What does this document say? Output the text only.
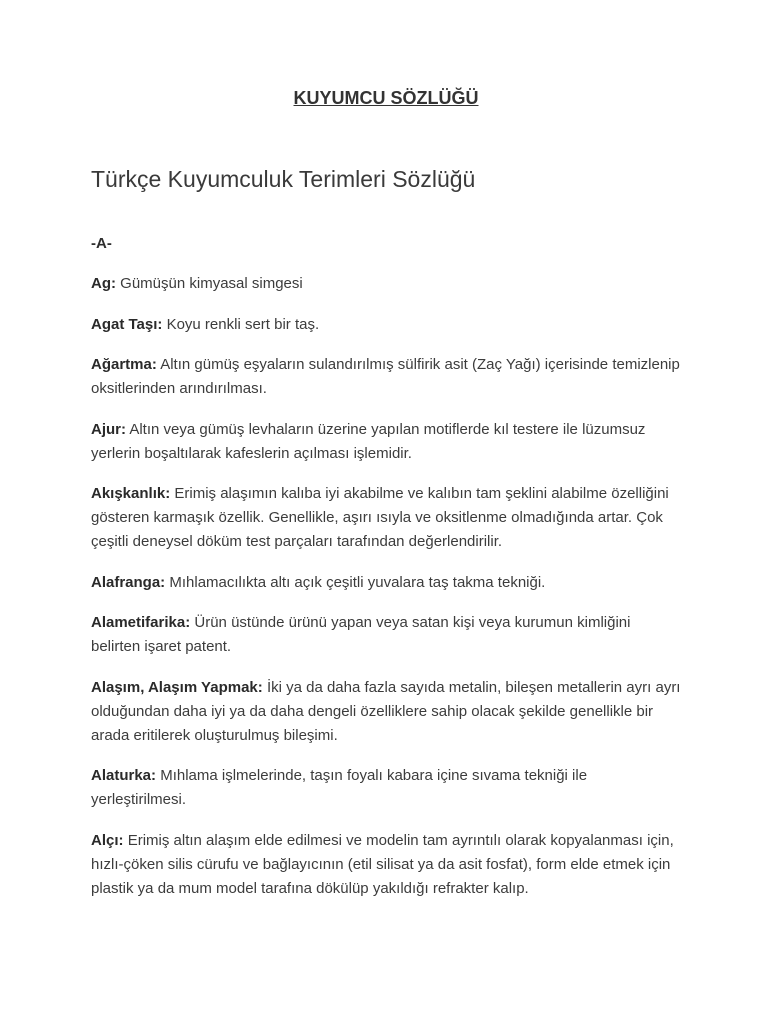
KUYUMCU SÖZLÜĞÜ
Türkçe Kuyumculuk Terimleri Sözlüğü

-A-

Ag: Gümüşün kimyasal simgesi
Agat Taşı: Koyu renkli sert bir taş.
Ağartma: Altın gümüş eşyaların sulandırılmış sülfirik asit (Zaç Yağı) içerisinde temizlenip oksitlerinden arındırılması.
Ajur: Altın veya gümüş levhaların üzerine yapılan motiflerde kıl testere ile lüzumsuz yerlerin boşaltılarak kafeslerin açılması işlemidir.
Akışkanlık: Erimiş alaşımın kalıba iyi akabilme ve kalıbın tam şeklini alabilme özelliğini gösteren karmaşık özellik. Genellikle, aşırı ısıyla ve oksitlenme olmadığında artar. Çok çeşitli deneysel döküm test parçaları tarafından değerlendirilir.
Alafranga: Mıhlamacılıkta altı açık çeşitli yuvalara taş takma tekniği.
Alametifarika: Ürün üstünde ürünü yapan veya satan kişi veya kurumun kimliğini belirten işaret patent.
Alaşım, Alaşım Yapmak: İki ya da daha fazla sayıda metalin, bileşen metallerin ayrı ayrı olduğundan daha iyi ya da daha dengeli özelliklere sahip olacak şekilde genellikle bir arada eritilerek oluşturulmuş bileşimi.
Alaturka: Mıhlama işlmelerinde, taşın foyalı kabara içine sıvama tekniği ile yerleştirilmesi.
Alçı: Erimiş altın alaşım elde edilmesi ve modelin tam ayrıntılı olarak kopyalanması için, hızlı-çöken silis cürufu ve bağlayıcının (etil silisat ya da asit fosfat), form elde etmek için plastik ya da mum model tarafına dökülüp yakıldığı refrakter kalıp.
